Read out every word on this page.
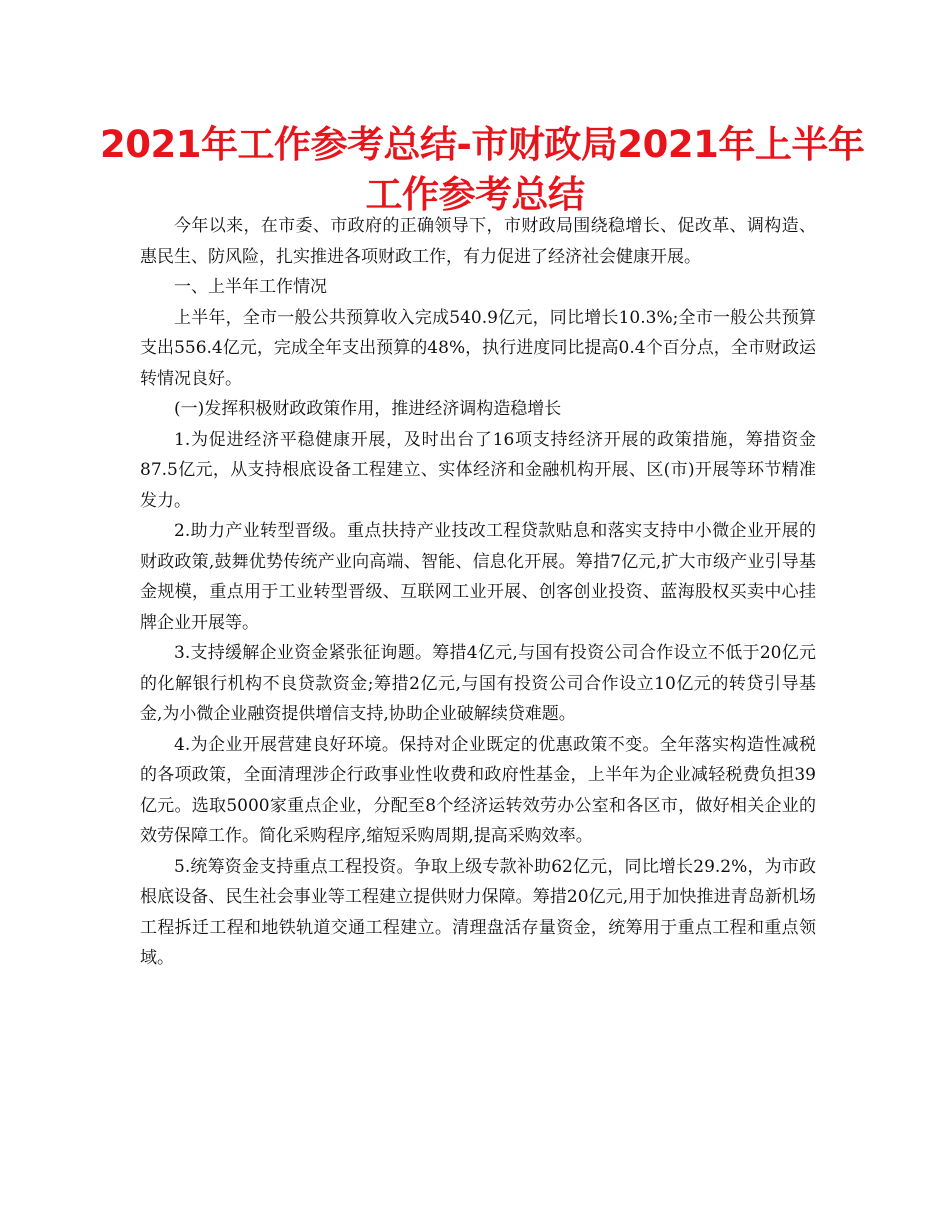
2021年工作参考总结-市财政局2021年上半年
工作参考总结

今年以来，在市委、市政府的正确领导下，市财政局围绕稳增长、促改革、调构造、惠民生、防风险，扎实推进各项财政工作，有力促进了经济社会健康开展。

一、上半年工作情况

上半年，全市一般公共预算收入完成540.9亿元，同比增长10.3%;全市一般公共预算支出556.4亿元，完成全年支出预算的48%，执行进度同比提高0.4个百分点，全市财政运转情况良好。

(一)发挥积极财政政策作用，推进经济调构造稳增长

1.为促进经济平稳健康开展，及时出台了16项支持经济开展的政策措施，筹措资金87.5亿元，从支持根底设备工程建立、实体经济和金融机构开展、区(市)开展等环节精准发力。

2.助力产业转型晋级。重点扶持产业技改工程贷款贴息和落实支持中小微企业开展的财政政策,鼓舞优势传统产业向高端、智能、信息化开展。筹措7亿元,扩大市级产业引导基金规模，重点用于工业转型晋级、互联网工业开展、创客创业投资、蓝海股权买卖中心挂牌企业开展等。

3.支持缓解企业资金紧张征询题。筹措4亿元,与国有投资公司合作设立不低于20亿元的化解银行机构不良贷款资金;筹措2亿元,与国有投资公司合作设立10亿元的转贷引导基金,为小微企业融资提供增信支持,协助企业破解续贷难题。

4.为企业开展营建良好环境。保持对企业既定的优惠政策不变。全年落实构造性减税的各项政策，全面清理涉企行政事业性收费和政府性基金，上半年为企业减轻税费负担39亿元。选取5000家重点企业，分配至8个经济运转效劳办公室和各区市，做好相关企业的效劳保障工作。简化采购程序,缩短采购周期,提高采购效率。

5.统筹资金支持重点工程投资。争取上级专款补助62亿元，同比增长29.2%，为市政根底设备、民生社会事业等工程建立提供财力保障。筹措20亿元,用于加快推进青岛新机场工程拆迁工程和地铁轨道交通工程建立。清理盘活存量资金，统筹用于重点工程和重点领域。
